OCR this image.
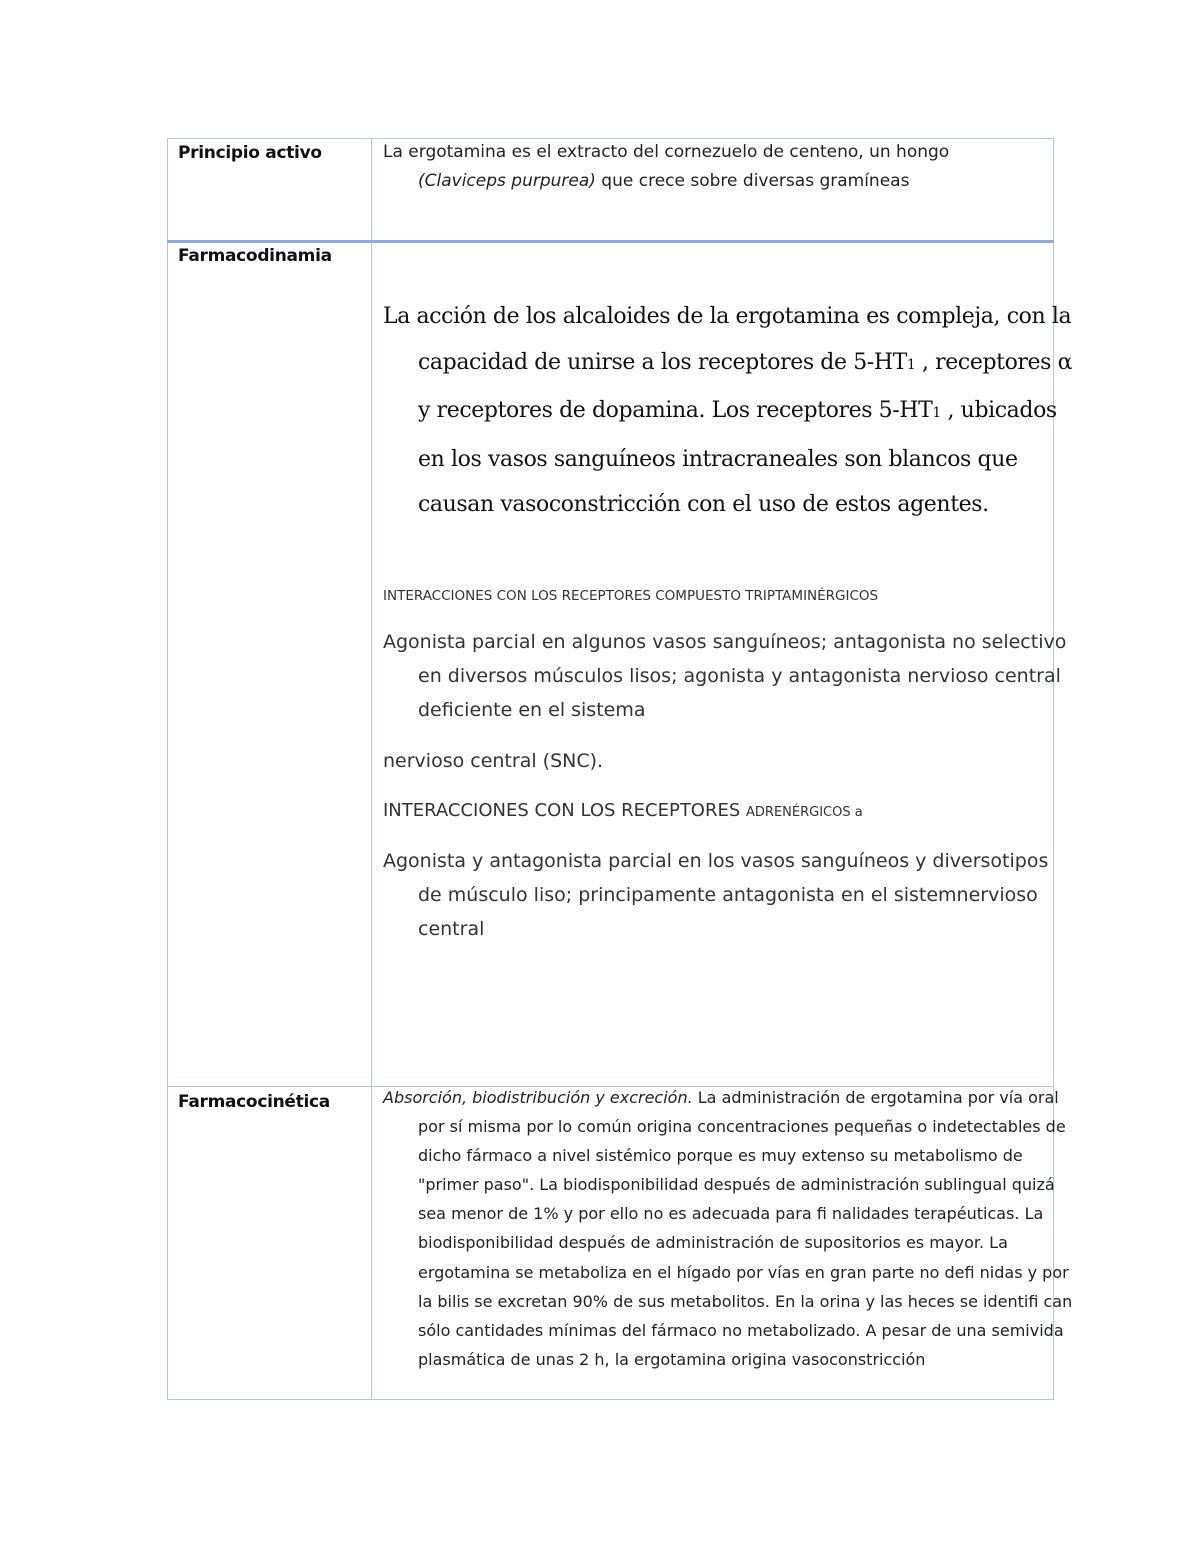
Principio activo	La ergotamina es el extracto del cornezuelo de centeno, un hongo
(Claviceps purpurea) que crece sobre diversas gramíneas
Farmacodinamia
La acción de los alcaloides de la ergotamina es compleja, con la capacidad de unirse a los receptores de 5-HT1 , receptores α y receptores de dopamina. Los receptores 5-HT1 , ubicados en los vasos sanguíneos intracraneales son blancos que causan vasoconstricción con el uso de estos agentes.
INTERACCIONES CON LOS RECEPTORES COMPUESTO TRIPTAMINÉRGICOS
Agonista parcial en algunos vasos sanguíneos; antagonista no selectivo en diversos músculos lisos; agonista y antagonista nervioso central deficiente en el sistema
nervioso central (SNC).
INTERACCIONES CON LOS RECEPTORES ADRENÉRGICOS a
Agonista y antagonista parcial en los vasos sanguíneos y diversotipos de músculo liso; principamente antagonista en el sistemnervioso central
Farmacocinética	Absorción, biodistribución y excreción. La administración de ergotamina por vía oral por sí misma por lo común origina concentraciones pequeñas o indetectables de dicho fármaco a nivel sistémico porque es muy extenso su metabolismo de "primer paso". La biodisponibilidad después de administración sublingual quizá sea menor de 1% y por ello no es adecuada para fi nalidades terapéuticas. La biodisponibilidad después de administración de supositorios es mayor. La ergotamina se metaboliza en el hígado por vías en gran parte no defi nidas y por la bilis se excretan 90% de sus metabolitos. En la orina y las heces se identifi can sólo cantidades mínimas del fármaco no metabolizado. A pesar de una semivida plasmática de unas 2 h, la ergotamina origina vasoconstricción
